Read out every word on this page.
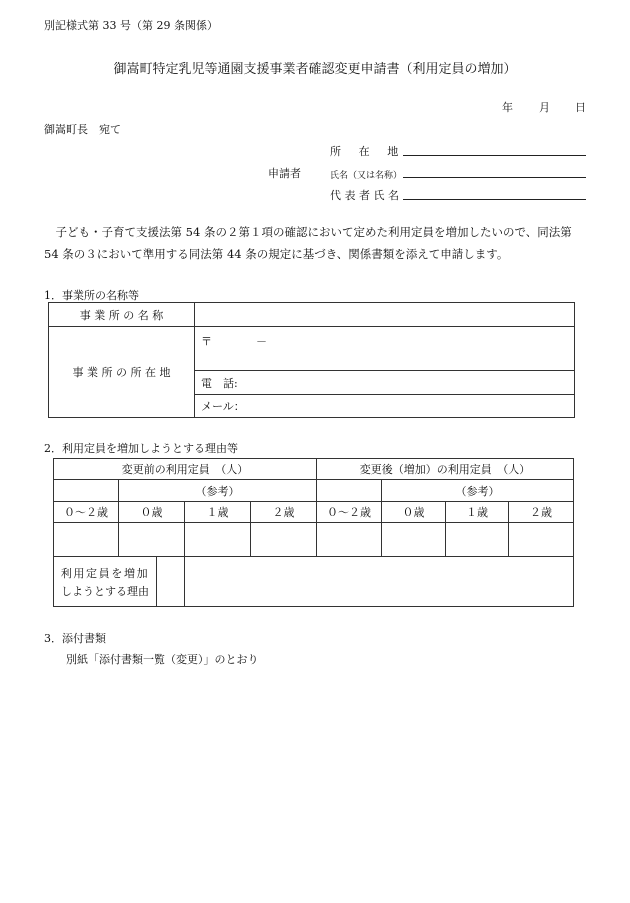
別記様式第 33 号（第 29 条関係）
御嵩町特定乳児等通園支援事業者確認変更申請書（利用定員の増加）
年 月 日
御嵩町長　宛て
所　在　地
申請者	氏名（又は名称）
代 表 者 氏 名
　子ども・子育て支援法第 54 条の２第１項の確認において定めた利用定員を増加したいので、同法第 54 条の３において準用する同法第 44 条の規定に基づき、関係書類を添えて申請します。
1．事業所の名称等
事 業 所 の 名 称	
事 業 所 の 所 在 地	〒　　　　－
	電　話:
	メール：
2．利用定員を増加しようとする理由等
変更前の利用定員　（人）				変更後（増加）の利用定員　（人）			
	（参考）				（参考）		
０～２歳	０歳	１歳	２歳	０～２歳	０歳	１歳	２歳

利用定員を増加
しようとする理由							

3．添付書類
別紙「添付書類一覧（変更）」のとおり
